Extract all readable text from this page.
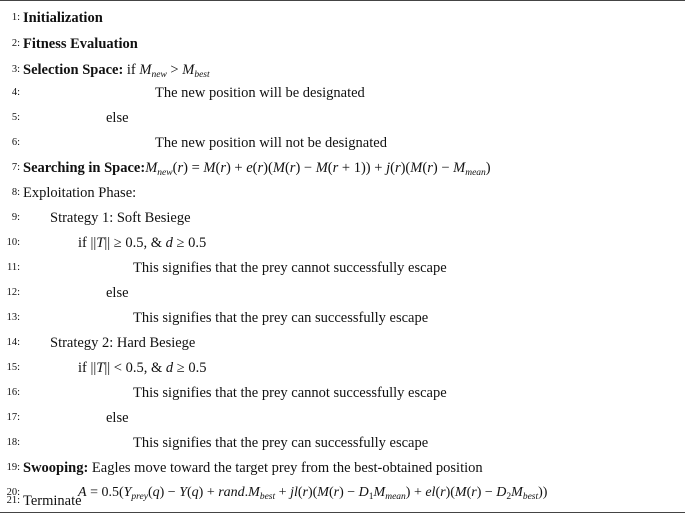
1: Initialization
2: Fitness Evaluation
3: Selection Space: if $M_{new} > M_{best}$
4:	The new position will be designated
5:	else
6:	The new position will not be designated
7: Searching in $Space:M_{new}(r) = M(r) + e(r)(M(r) - M(r + 1)) + j(r)(M(r) - M_{mean})$
8: Exploitation Phase:
9: Strategy 1: Soft Besiege
10:	if ||T|| ≥ 0.5, & d ≥ 0.5
11:	This signifies that the prey cannot successfully escape
12:	else
13:	This signifies that the prey can successfully escape
14: Strategy 2: Hard Besiege
15:	if ||T|| < 0.5, & d ≥ 0.5
16:	This signifies that the prey cannot successfully escape
17:	else
18:	This signifies that the prey can successfully escape
19: Swooping: Eagles move toward the target prey from the best-obtained position
20:	$A = 0.5(Y_{prey}(q) - Y(q)$ + $rand.M_{best} + jl(r)(M(r) - D_1M_{mean}) + el(r)(M(r) - D_2M_{best})$)
21: Terminate
